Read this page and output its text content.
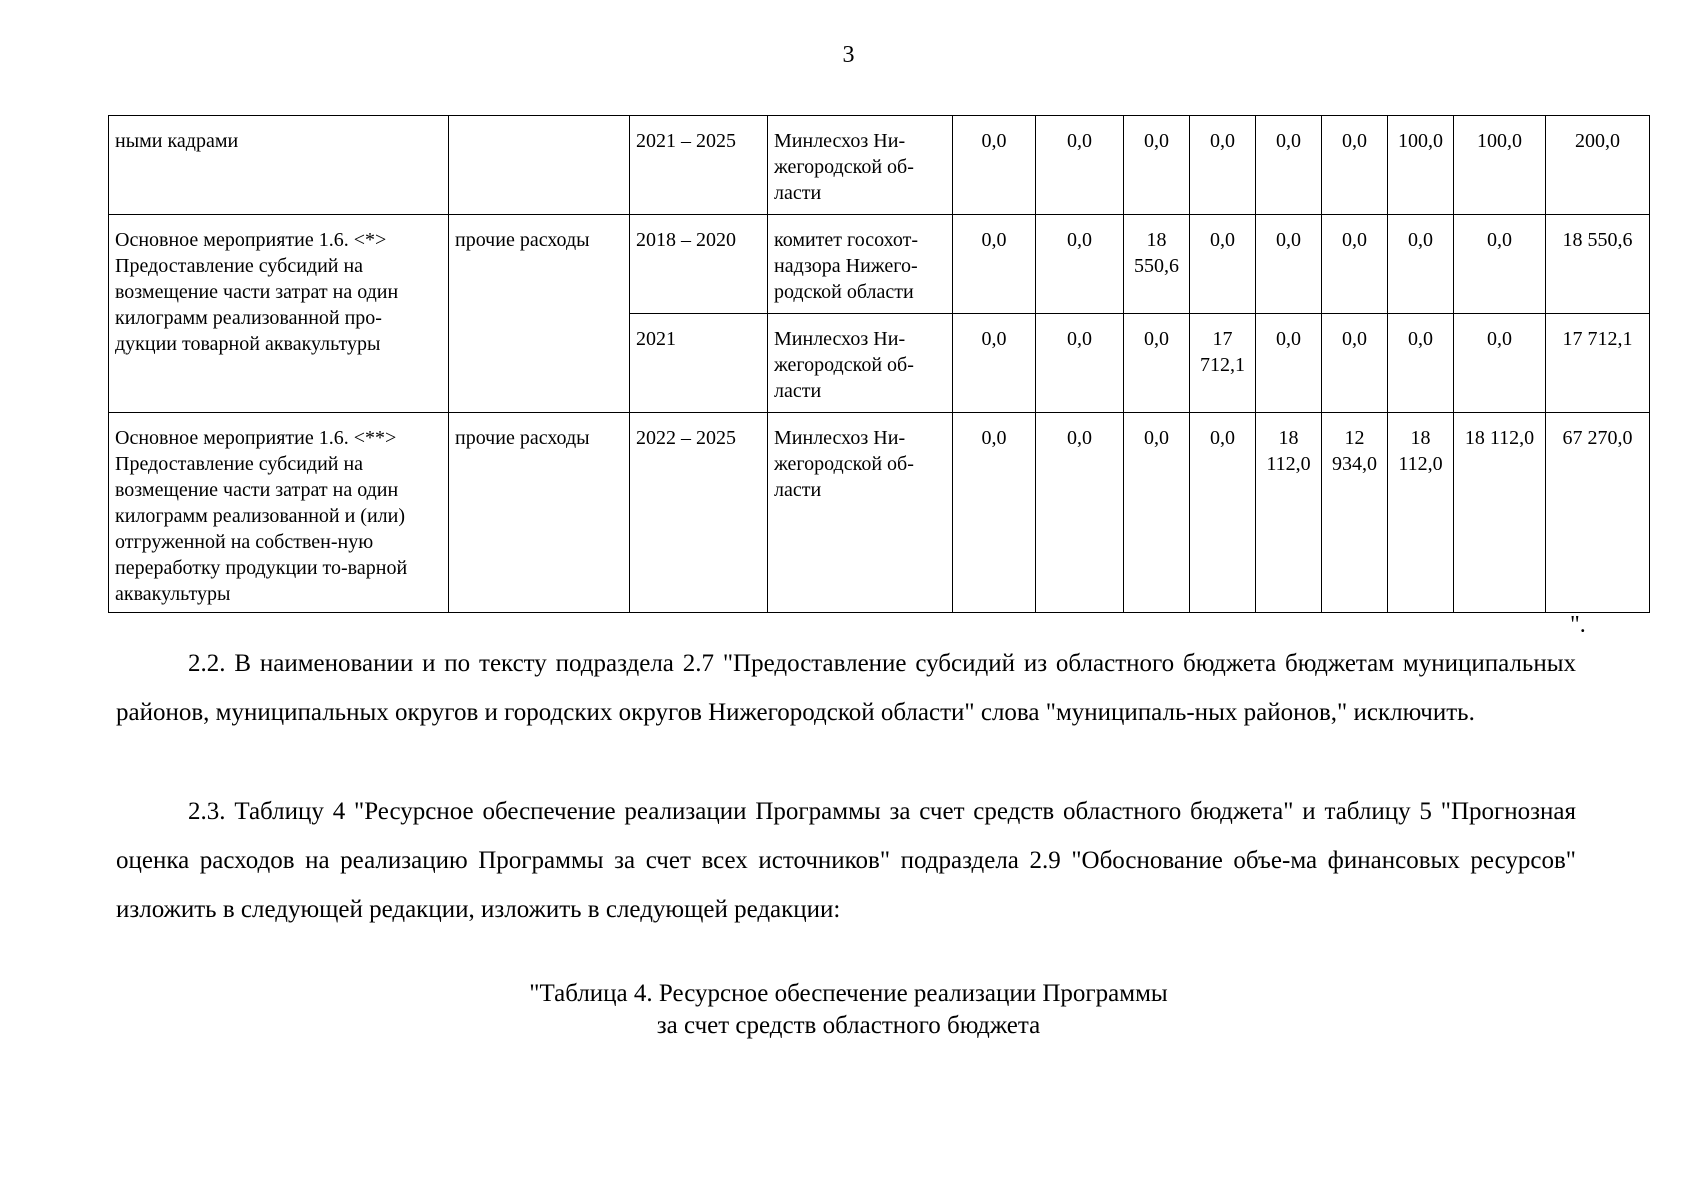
3
ными кадрами		2021 – 2025	Минлесхоз Ни-жегородской об-ласти	0,0	0,0	0,0	0,0	0,0	0,0	100,0	100,0	200,0
Основное мероприятие 1.6. <*> Предоставление субсидий на возмещение части затрат на один килограмм реализованной про-дукции товарной аквакультуры	прочие расходы	2018 – 2020	комитет госохот-надзора Нижего-родской области	0,0	0,0	18 550,6	0,0	0,0	0,0	0,0	0,0	18 550,6
		2021	Минлесхоз Ни-жегородской об-ласти	0,0	0,0	0,0	17 712,1	0,0	0,0	0,0	0,0	17 712,1
Основное мероприятие 1.6. <**> Предоставление субсидий на возмещение части затрат на один килограмм реализованной и (или) отгруженной на собствен-ную переработку продукции то-варной аквакультуры	прочие расходы	2022 – 2025	Минлесхоз Ни-жегородской об-ласти	0,0	0,0	0,0	0,0	18 112,0	12 934,0	18 112,0	18 112,0	67 270,0
".

2.2. В наименовании и по тексту подраздела 2.7 "Предоставление субсидий из областного бюджета бюджетам муниципальных районов, муниципальных округов и городских округов Нижегородской области" слова "муниципаль-ных районов," исключить.

2.3. Таблицу 4 "Ресурсное обеспечение реализации Программы за счет средств областного бюджета" и таблицу 5 "Прогнозная оценка расходов на реализацию Программы за счет всех источников" подраздела 2.9 "Обоснование объе-ма финансовых ресурсов" изложить в следующей редакции, изложить в следующей редакции:

"Таблица 4. Ресурсное обеспечение реализации Программы
за счет средств областного бюджета
